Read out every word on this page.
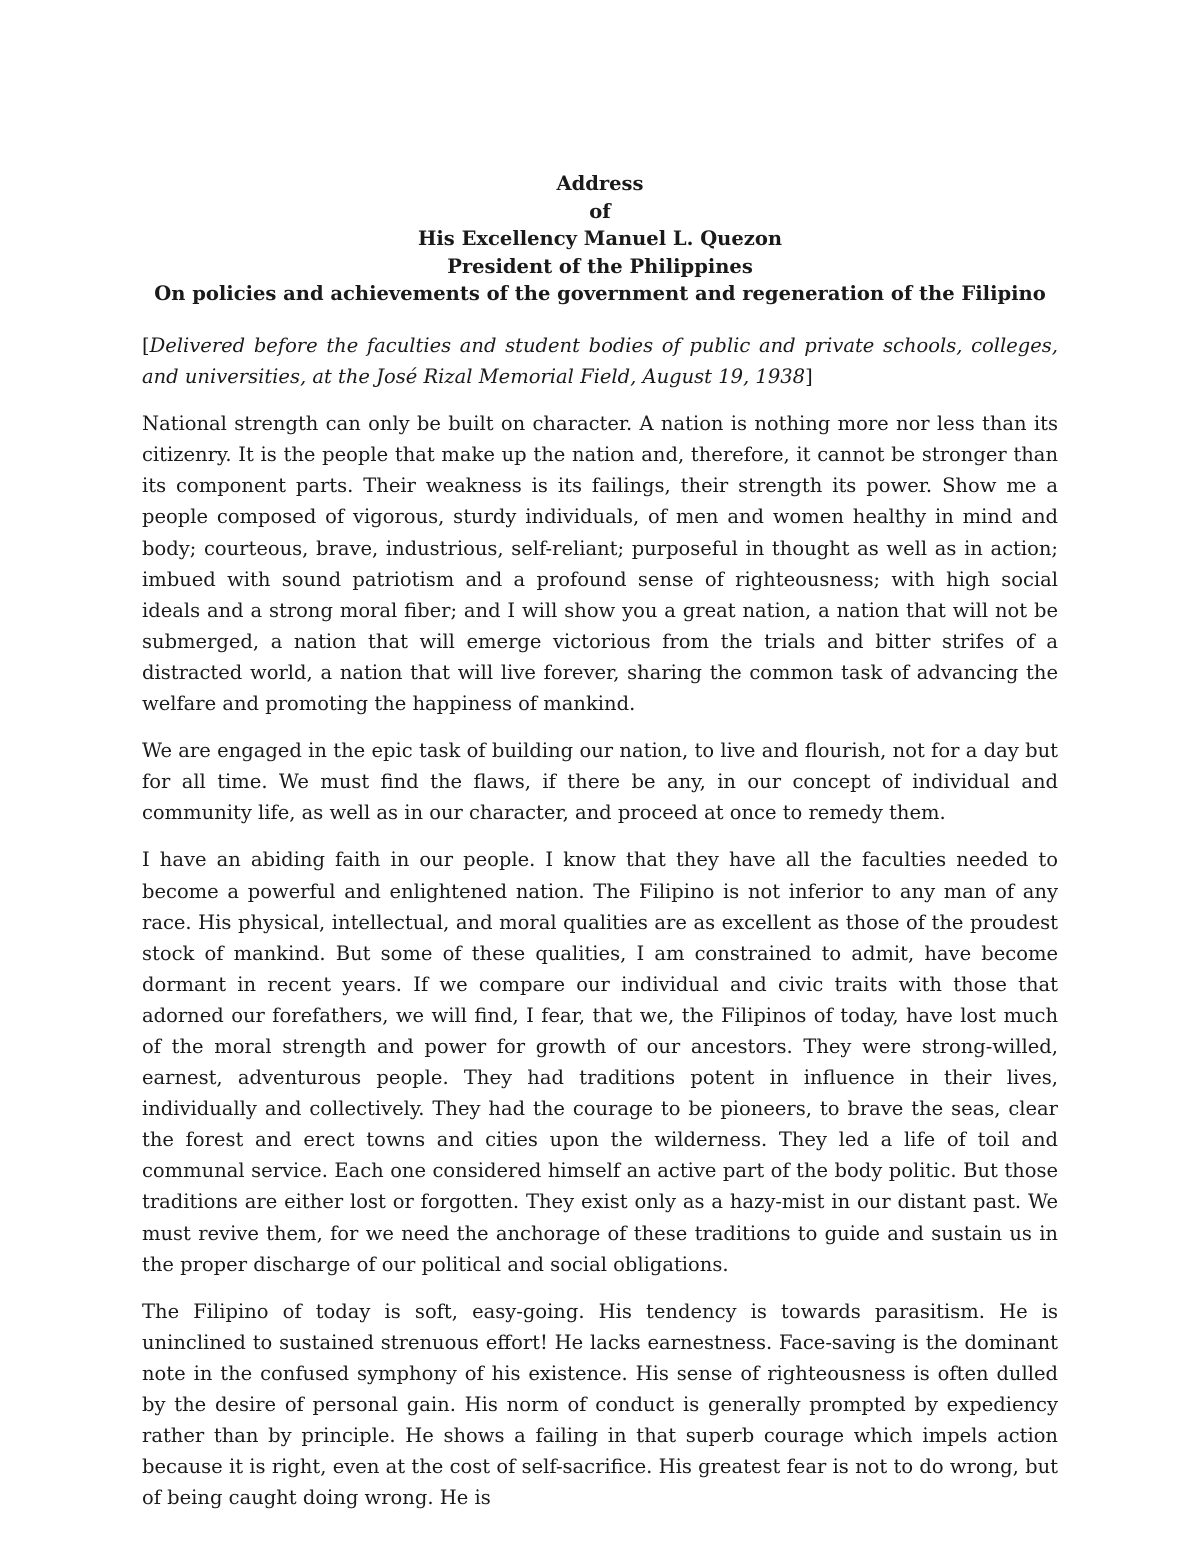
Address
of
His Excellency Manuel L. Quezon
President of the Philippines
On policies and achievements of the government and regeneration of the Filipino

[Delivered before the faculties and student bodies of public and private schools, colleges, and universities, at the José Rizal Memorial Field, August 19, 1938]

National strength can only be built on character. A nation is nothing more nor less than its citizenry. It is the people that make up the nation and, therefore, it cannot be stronger than its component parts. Their weakness is its failings, their strength its power. Show me a people composed of vigorous, sturdy individuals, of men and women healthy in mind and body; courteous, brave, industrious, self-reliant; purposeful in thought as well as in action; imbued with sound patriotism and a profound sense of righteousness; with high social ideals and a strong moral fiber; and I will show you a great nation, a nation that will not be submerged, a nation that will emerge victorious from the trials and bitter strifes of a distracted world, a nation that will live forever, sharing the common task of advancing the welfare and promoting the happiness of mankind.

We are engaged in the epic task of building our nation, to live and flourish, not for a day but for all time. We must find the flaws, if there be any, in our concept of individual and community life, as well as in our character, and proceed at once to remedy them.

I have an abiding faith in our people. I know that they have all the faculties needed to become a powerful and enlightened nation. The Filipino is not inferior to any man of any race. His physical, intellectual, and moral qualities are as excellent as those of the proudest stock of mankind. But some of these qualities, I am constrained to admit, have become dormant in recent years. If we compare our individual and civic traits with those that adorned our forefathers, we will find, I fear, that we, the Filipinos of today, have lost much of the moral strength and power for growth of our ancestors. They were strong-willed, earnest, adventurous people. They had traditions potent in influence in their lives, individually and collectively. They had the courage to be pioneers, to brave the seas, clear the forest and erect towns and cities upon the wilderness. They led a life of toil and communal service. Each one considered himself an active part of the body politic. But those traditions are either lost or forgotten. They exist only as a hazy-mist in our distant past. We must revive them, for we need the anchorage of these traditions to guide and sustain us in the proper discharge of our political and social obligations.

The Filipino of today is soft, easy-going. His tendency is towards parasitism. He is uninclined to sustained strenuous effort! He lacks earnestness. Face-saving is the dominant note in the confused symphony of his existence. His sense of righteousness is often dulled by the desire of personal gain. His norm of conduct is generally prompted by expediency rather than by principle. He shows a failing in that superb courage which impels action because it is right, even at the cost of self-sacrifice. His greatest fear is not to do wrong, but of being caught doing wrong. He is
